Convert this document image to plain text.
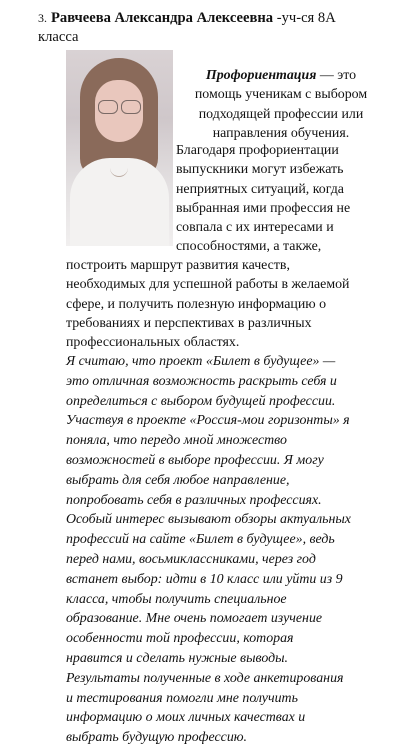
3. Равчеева Александра Алексеевна -уч-ся 8А
класса
Профориентация — это
помощь ученикам с выбором
подходящей профессии или
направления обучения.
Благодаря профориентации
выпускники могут избежать
неприятных ситуаций, когда
выбранная ими профессия не
совпала с их интересами и
способностями, а также,
построить маршрут развития качеств,
необходимых для успешной работы в желаемой
сфере, и получить полезную информацию о
требованиях и перспективах в различных
профессиональных областях.
Я считаю, что проект «Билет в будущее» —
это отличная возможность раскрыть себя и
определиться с выбором будущей профессии.
Участвуя в проекте «Россия-мои горизонты» я
поняла, что передо мной множество
возможностей в выборе профессии. Я могу
выбрать для себя любое направление,
попробовать себя в различных профессиях.
Особый интерес вызывают обзоры актуальных
профессий на сайте «Билет в будущее», ведь
перед нами, восьмиклассниками, через год
встанет выбор: идти в 10 класс или уйти из 9
класса, чтобы получить специальное
образование. Мне очень помогает изучение
особенности той профессии, которая
нравится и сделать нужные выводы.
Результаты полученные в ходе анкетирования
и тестирования помогли мне получить
информацию о моих личных качествах и
выбрать будущую профессию.
